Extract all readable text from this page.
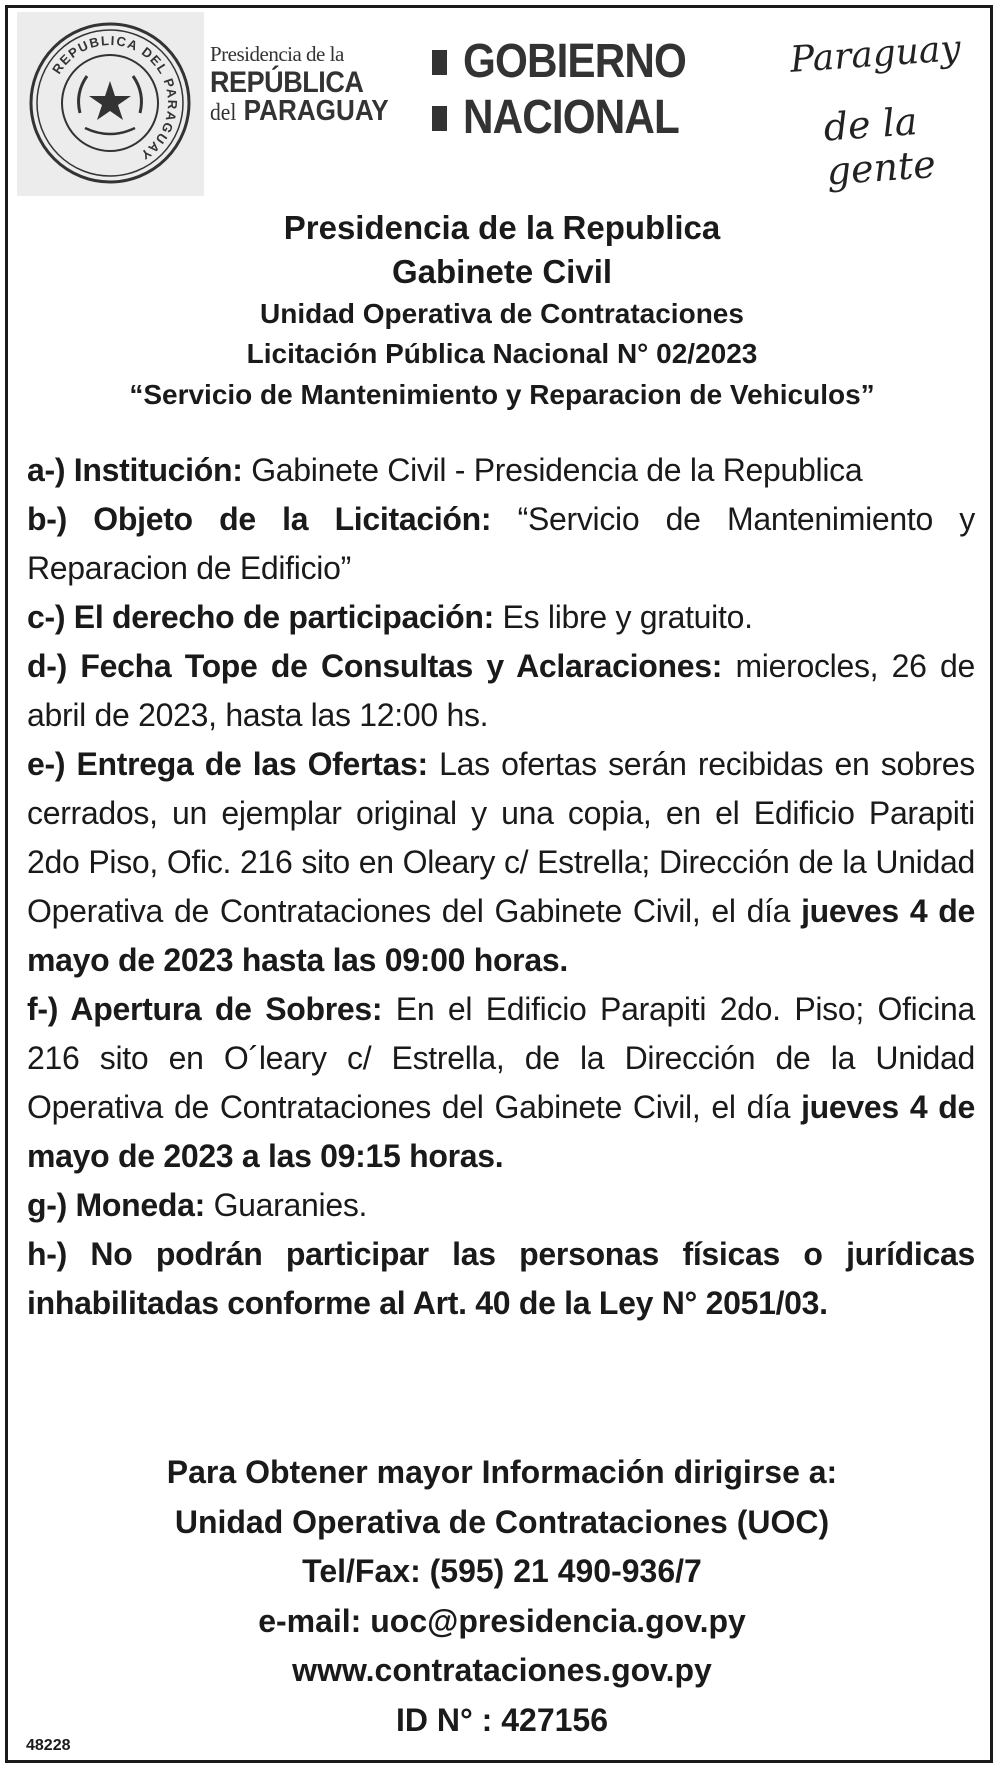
REPUBLICA DEL PARAGUAY
Presidencia de la
REPÚBLICA
del PARAGUAY
GOBIERNO
NACIONAL
Paraguay
de la gente
Presidencia de la Republica
Gabinete Civil
Unidad Operativa de Contrataciones
Licitación Pública Nacional N° 02/2023
“Servicio de Mantenimiento y Reparacion de Vehiculos”

a-) Institución: Gabinete Civil - Presidencia de la Republica

b-) Objeto de la Licitación: “Servicio de Mantenimiento y Reparacion de Edificio”

c-) El derecho de participación: Es libre y gratuito.

d-) Fecha Tope de Consultas y Aclaraciones: mierocles, 26 de abril de 2023, hasta las 12:00 hs.

e-) Entrega de las Ofertas: Las ofertas serán recibidas en sobres cerrados, un ejemplar original y una copia, en el Edificio Parapiti 2do Piso, Ofic. 216 sito en Oleary c/ Estrella; Dirección de la Unidad Operativa de Contrataciones del Gabinete Civil, el día jueves 4 de mayo de 2023 hasta las 09:00 horas.

f-) Apertura de Sobres: En el Edificio Parapiti 2do. Piso; Oficina 216 sito en O´leary c/ Estrella, de la Dirección de la Unidad Operativa de Contrataciones del Gabinete Civil, el día jueves 4 de mayo de 2023 a las 09:15 horas.

g-) Moneda: Guaranies.

h-) No podrán participar las personas físicas o jurídicas inhabilitadas conforme al Art. 40 de la Ley N° 2051/03.

Para Obtener mayor Información dirigirse a:
Unidad Operativa de Contrataciones (UOC)
Tel/Fax: (595) 21 490-936/7
e-mail: uoc@presidencia.gov.py
www.contrataciones.gov.py
ID N° : 427156
48228
